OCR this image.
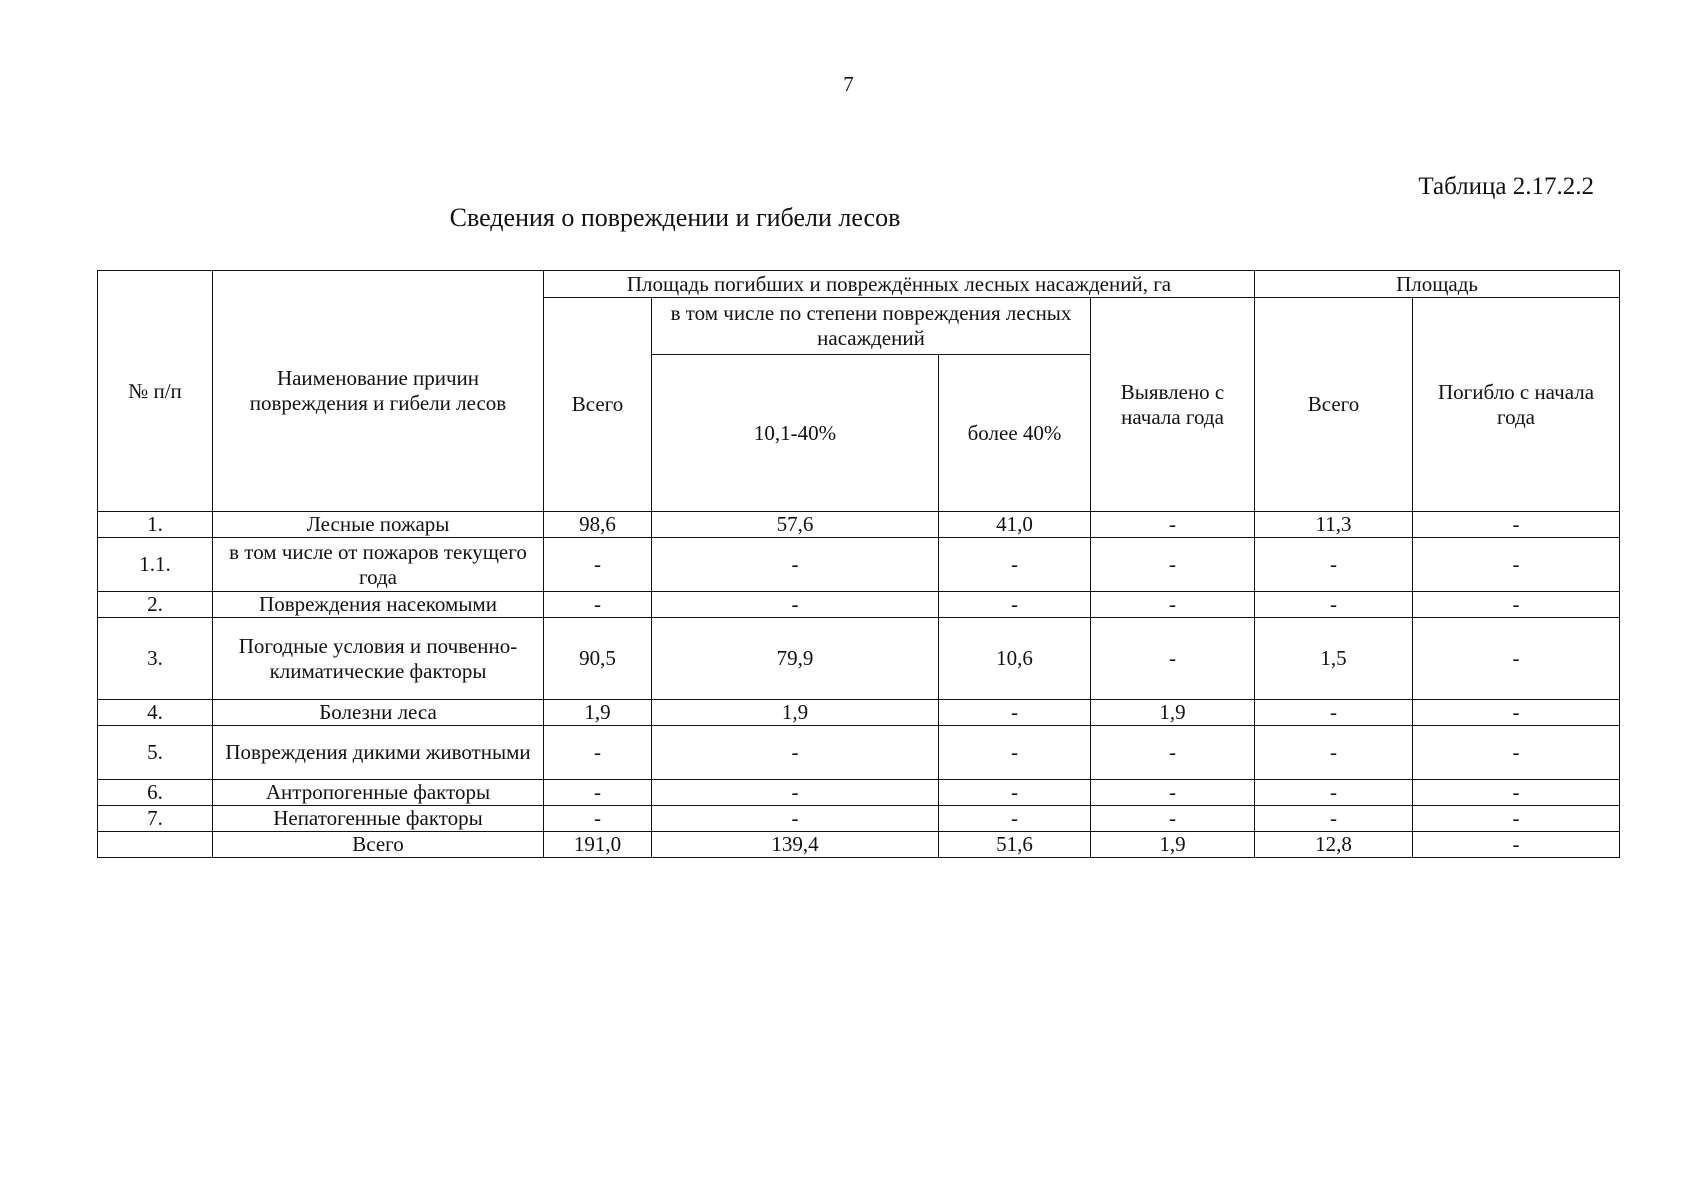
7
Таблица 2.17.2.2
Сведения о повреждении и гибели лесов
№ п/п	Наименование причин повреждения и гибели лесов	Площадь погибших и повреждённых лесных насаждений, га				Площадь	
		Всего	в том числе по степени повреждения лесных насаждений		Выявлено с начала года	Всего	Погибло с начала года
			10,1-40%	более 40%			
1.	Лесные пожары	98,6	57,6	41,0	-	11,3	-
1.1.	в том числе от пожаров текущего года	-	-	-	-	-	-
2.	Повреждения насекомыми	-	-	-	-	-	-
3.	Погодные условия и почвенно-климатические факторы	90,5	79,9	10,6	-	1,5	-
4.	Болезни леса	1,9	1,9	-	1,9	-	-
5.	Повреждения дикими животными	-	-	-	-	-	-
6.	Антропогенные факторы	-	-	-	-	-	-
7.	Непатогенные факторы	-	-	-	-	-	-
	Всего	191,0	139,4	51,6	1,9	12,8	-
